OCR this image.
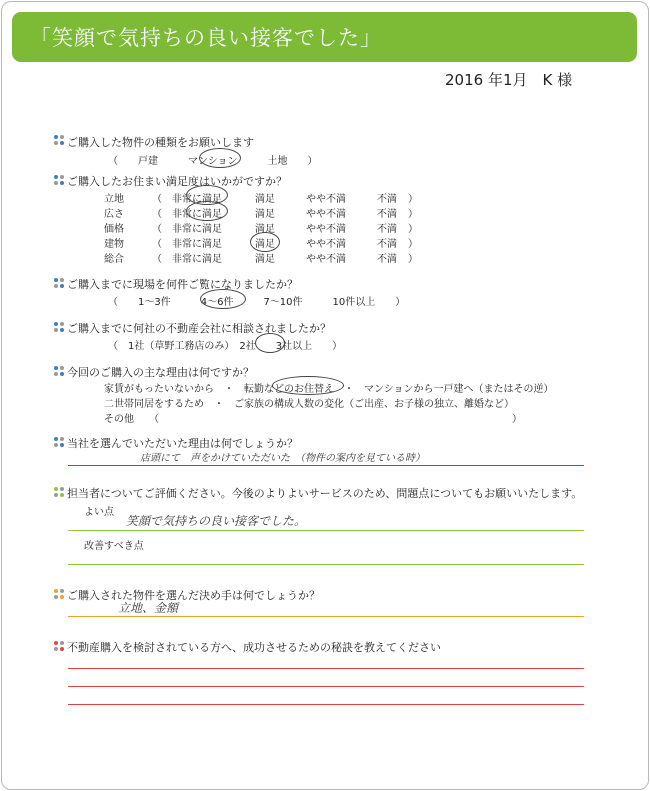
「笑顔で気持ちの良い接客でした」
2016 年1月　K 様
ご購入した物件の種類をお願いします
（　　戸建　　　マンション　　　土地　　）
ご購入したお住まい満足度はいかがですか？
立地	（ 非常に満足	満足	やや不満	不満 ）
広さ	（ 非常に満足	満足	やや不満	不満 ）
価格	（ 非常に満足	満足	やや不満	不満 ）
建物	（ 非常に満足	満足	やや不満	不満 ）
総合	（ 非常に満足	満足	やや不満	不満 ）
ご購入までに現場を何件ご覧になりましたか？
（　　1～3件　　　4～6件　　　7～10件　　　10件以上　　）
ご購入までに何社の不動産会社に相談されましたか？
（　1社（草野工務店のみ）　2社　　3社以上　　）
今回のご購入の主な理由は何ですか？
家賃がもったいないから　・　転勤などのお住替え　・　マンションから一戸建へ（またはその逆）
二世帯同居をするため　・　ご家族の構成人数の変化（ご出産、お子様の独立、離婚など）
その他　　（	）
当社を選んでいただいた理由は何でしょうか？
店頭にて　声をかけていただいた　（物件の案内を見ている時）
担当者についてご評価ください。今後のよりよいサービスのため、問題点についてもお願いいたします。
よい点
笑顔で気持ちの良い接客でした。
改善すべき点
ご購入された物件を選んだ決め手は何でしょうか？
立地、金額
不動産購入を検討されている方へ、成功させるための秘訣を教えてください
